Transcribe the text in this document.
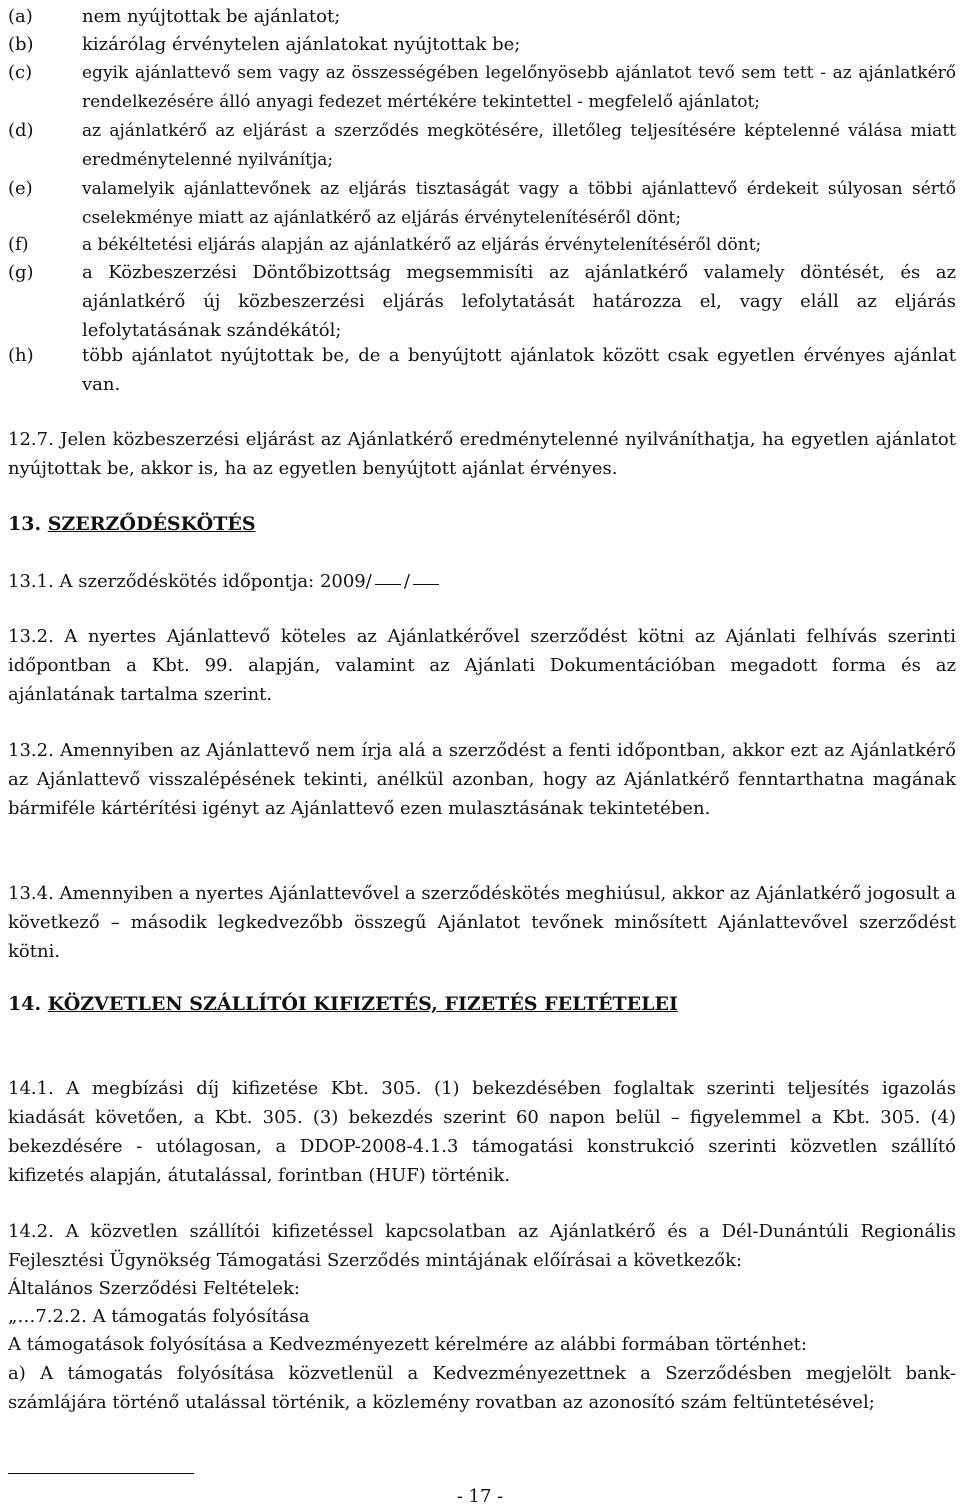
(a)	nem nyújtottak be ajánlatot;
(b)	kizárólag érvénytelen ajánlatokat nyújtottak be;
(c)	egyik ajánlattevő sem vagy az összességében legelőnyösebb ajánlatot tevő sem tett - az ajánlatkérő rendelkezésére álló anyagi fedezet mértékére tekintettel - megfelelő ajánlatot;
(d)	az ajánlatkérő az eljárást a szerződés megkötésére, illetőleg teljesítésére képtelenné válása miatt eredménytelenné nyilvánítja;
(e)	valamelyik ajánlattevőnek az eljárás tisztaságát vagy a többi ajánlattevő érdekeit súlyosan sértő cselekménye miatt az ajánlatkérő az eljárás érvénytelenítéséről dönt;
(f)	a békéltetési eljárás alapján az ajánlatkérő az eljárás érvénytelenítéséről dönt;
(g)	a Közbeszerzési Döntőbizottság megsemmisíti az ajánlatkérő valamely döntését, és az ajánlatkérő új közbeszerzési eljárás lefolytatását határozza el, vagy eláll az eljárás lefolytatásának szándékától;
(h)	több ajánlatot nyújtottak be, de a benyújtott ajánlatok között csak egyetlen érvényes ajánlat van.

12.7. Jelen közbeszerzési eljárást az Ajánlatkérő eredménytelenné nyilváníthatja, ha egyetlen ajánlatot nyújtottak be, akkor is, ha az egyetlen benyújtott ajánlat érvényes.

13. SZERZŐDÉSKÖTÉS

13.1. A szerződéskötés időpontja: 2009/ /

13.2. A nyertes Ajánlattevő köteles az Ajánlatkérővel szerződést kötni az Ajánlati felhívás szerinti időpontban a Kbt. 99. alapján, valamint az Ajánlati Dokumentációban megadott forma és az ajánlatának tartalma szerint.

13.2. Amennyiben az Ajánlattevő nem írja alá a szerződést a fenti időpontban, akkor ezt az Ajánlatkérő az Ajánlattevő visszalépésének tekinti, anélkül azonban, hogy az Ajánlatkérő fenntarthatna magának bármiféle kártérítési igényt az Ajánlattevő ezen mulasztásának tekintetében.

13.4. Amennyiben a nyertes Ajánlattevővel a szerződéskötés meghiúsul, akkor az Ajánlatkérő jogosult a következő – második legkedvezőbb összegű Ajánlatot tevőnek minősített Ajánlattevővel szerződést kötni.

14. KÖZVETLEN SZÁLLÍTÓI KIFIZETÉS, FIZETÉS FELTÉTELEI

14.1. A megbízási díj kifizetése Kbt. 305. (1) bekezdésében foglaltak szerinti teljesítés igazolás kiadását követően, a Kbt. 305. (3) bekezdés szerint 60 napon belül – figyelemmel a Kbt. 305. (4) bekezdésére - utólagosan, a DDOP-2008-4.1.3 támogatási konstrukció szerinti közvetlen szállító kifizetés alapján, átutalással, forintban (HUF) történik.

14.2. A közvetlen szállítói kifizetéssel kapcsolatban az Ajánlatkérő és a Dél-Dunántúli Regionális Fejlesztési Ügynökség Támogatási Szerződés mintájának előírásai a következők:

Általános Szerződési Feltételek:

„…7.2.2. A támogatás folyósítása

A támogatások folyósítása a Kedvezményezett kérelmére az alábbi formában történhet:

a) A támogatás folyósítása közvetlenül a Kedvezményezettnek a Szerződésben megjelölt bank-számlájára történő utalással történik, a közlemény rovatban az azonosító szám feltüntetésével;

- 17 -
